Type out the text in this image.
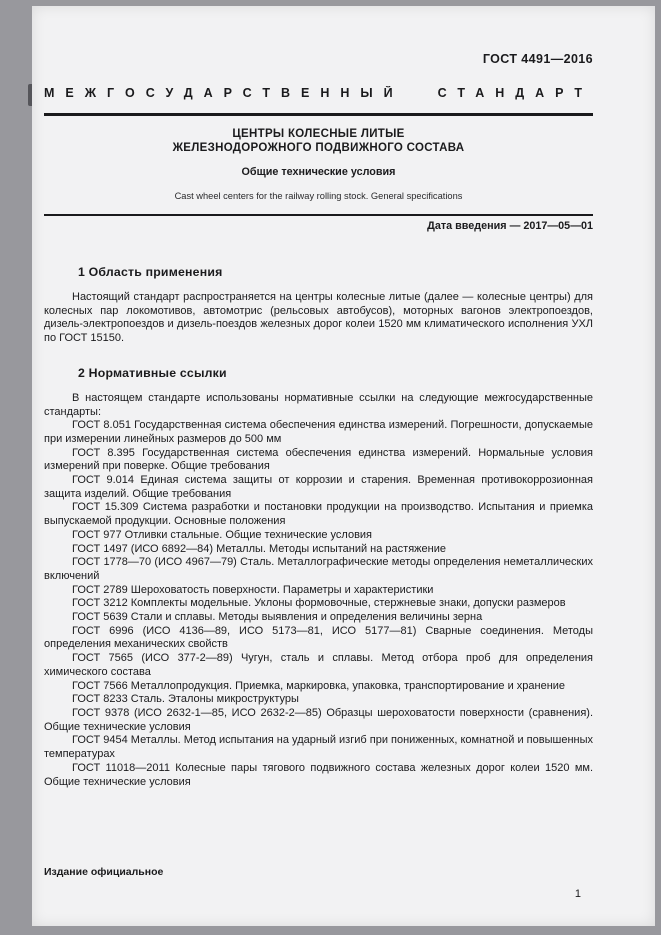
ГОСТ 4491—2016
МЕЖГОСУДАРСТВЕННЫЙ СТАНДАРТ
ЦЕНТРЫ КОЛЕСНЫЕ ЛИТЫЕ
ЖЕЛЕЗНОДОРОЖНОГО ПОДВИЖНОГО СОСТАВА
Общие технические условия
Cast wheel centers for the railway rolling stock. General specifications
Дата введения — 2017—05—01
1 Область применения

Настоящий стандарт распространяется на центры колесные литые (далее — колесные центры) для колесных пар локомотивов, автомотрис (рельсовых автобусов), моторных вагонов электропоездов, дизель-электропоездов и дизель-поездов железных дорог колеи 1520 мм климатического исполнения УХЛ по ГОСТ 15150.

2 Нормативные ссылки

В настоящем стандарте использованы нормативные ссылки на следующие межгосударственные стандарты:

ГОСТ 8.051 Государственная система обеспечения единства измерений. Погрешности, допускаемые при измерении линейных размеров до 500 мм

ГОСТ 8.395 Государственная система обеспечения единства измерений. Нормальные условия измерений при поверке. Общие требования

ГОСТ 9.014 Единая система защиты от коррозии и старения. Временная противокоррозионная защита изделий. Общие требования

ГОСТ 15.309 Система разработки и постановки продукции на производство. Испытания и приемка выпускаемой продукции. Основные положения

ГОСТ 977 Отливки стальные. Общие технические условия

ГОСТ 1497 (ИСО 6892—84) Металлы. Методы испытаний на растяжение

ГОСТ 1778—70 (ИСО 4967—79) Сталь. Металлографические методы определения неметаллических включений

ГОСТ 2789 Шероховатость поверхности. Параметры и характеристики

ГОСТ 3212 Комплекты модельные. Уклоны формовочные, стержневые знаки, допуски размеров

ГОСТ 5639 Стали и сплавы. Методы выявления и определения величины зерна

ГОСТ 6996 (ИСО 4136—89, ИСО 5173—81, ИСО 5177—81) Сварные соединения. Методы определения механических свойств

ГОСТ 7565 (ИСО 377-2—89) Чугун, сталь и сплавы. Метод отбора проб для определения химического состава

ГОСТ 7566 Металлопродукция. Приемка, маркировка, упаковка, транспортирование и хранение

ГОСТ 8233 Сталь. Эталоны микроструктуры

ГОСТ 9378 (ИСО 2632-1—85, ИСО 2632-2—85) Образцы шероховатости поверхности (сравнения). Общие технические условия

ГОСТ 9454 Металлы. Метод испытания на ударный изгиб при пониженных, комнатной и повышенных температурах

ГОСТ 11018—2011 Колесные пары тягового подвижного состава железных дорог колеи 1520 мм. Общие технические условия

Издание официальное
1
